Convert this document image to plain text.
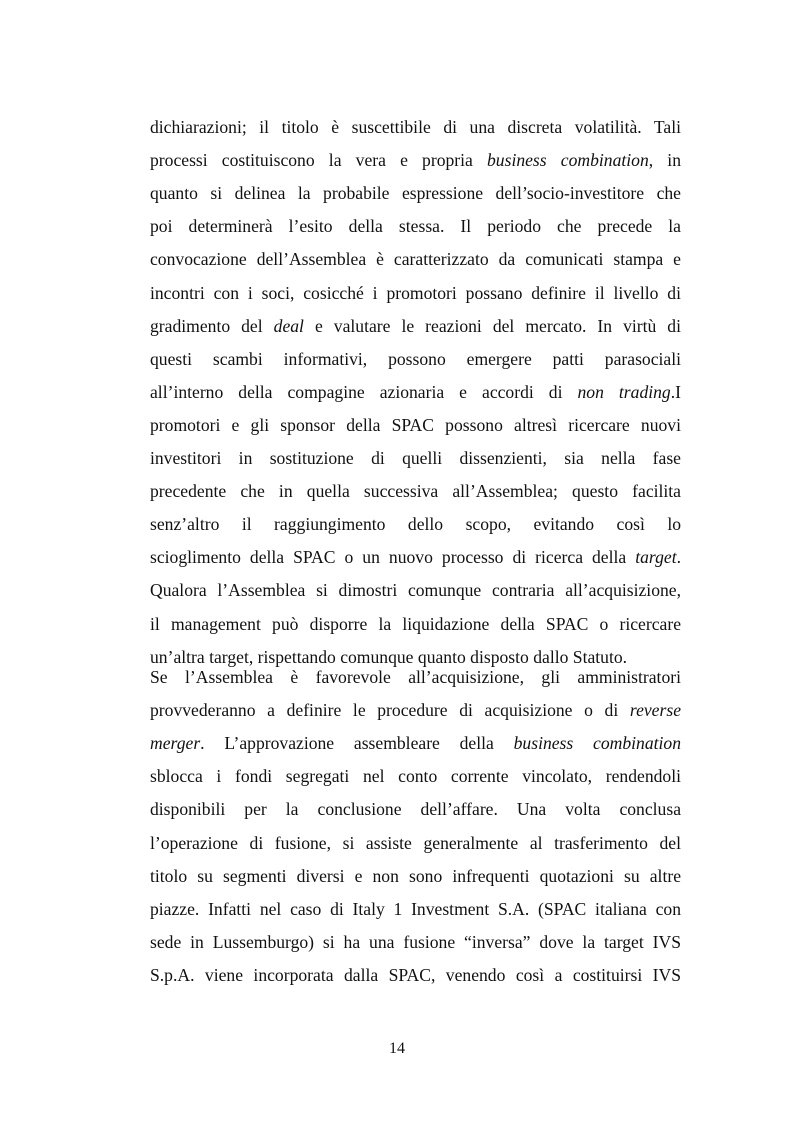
dichiarazioni; il titolo è suscettibile di una discreta volatilità. Tali
processi costituiscono la vera e propria business combination, in
quanto si delinea la probabile espressione dell’socio-investitore che
poi determinerà l’esito della stessa. Il periodo che precede la
convocazione dell’Assemblea è caratterizzato da comunicati stampa e
incontri con i soci, cosicché i promotori possano definire il livello di
gradimento del deal e valutare le reazioni del mercato. In virtù di
questi scambi informativi, possono emergere patti parasociali
all’interno della compagine azionaria e accordi di non trading.I
promotori e gli sponsor della SPAC possono altresì ricercare nuovi
investitori in sostituzione di quelli dissenzienti, sia nella fase
precedente che in quella successiva all’Assemblea; questo facilita
senz’altro il raggiungimento dello scopo, evitando così lo
scioglimento della SPAC o un nuovo processo di ricerca della target.
Qualora l’Assemblea si dimostri comunque contraria all’acquisizione,
il management può disporre la liquidazione della SPAC o ricercare
un’altra target, rispettando comunque quanto disposto dallo Statuto.
Se l’Assemblea è favorevole all’acquisizione, gli amministratori
provvederanno a definire le procedure di acquisizione o di reverse
merger. L’approvazione assembleare della business combination
sblocca i fondi segregati nel conto corrente vincolato, rendendoli
disponibili per la conclusione dell’affare. Una volta conclusa
l’operazione di fusione, si assiste generalmente al trasferimento del
titolo su segmenti diversi e non sono infrequenti quotazioni su altre
piazze. Infatti nel caso di Italy 1 Investment S.A. (SPAC italiana con
sede in Lussemburgo) si ha una fusione “inversa” dove la target IVS
S.p.A. viene incorporata dalla SPAC, venendo così a costituirsi IVS
14
